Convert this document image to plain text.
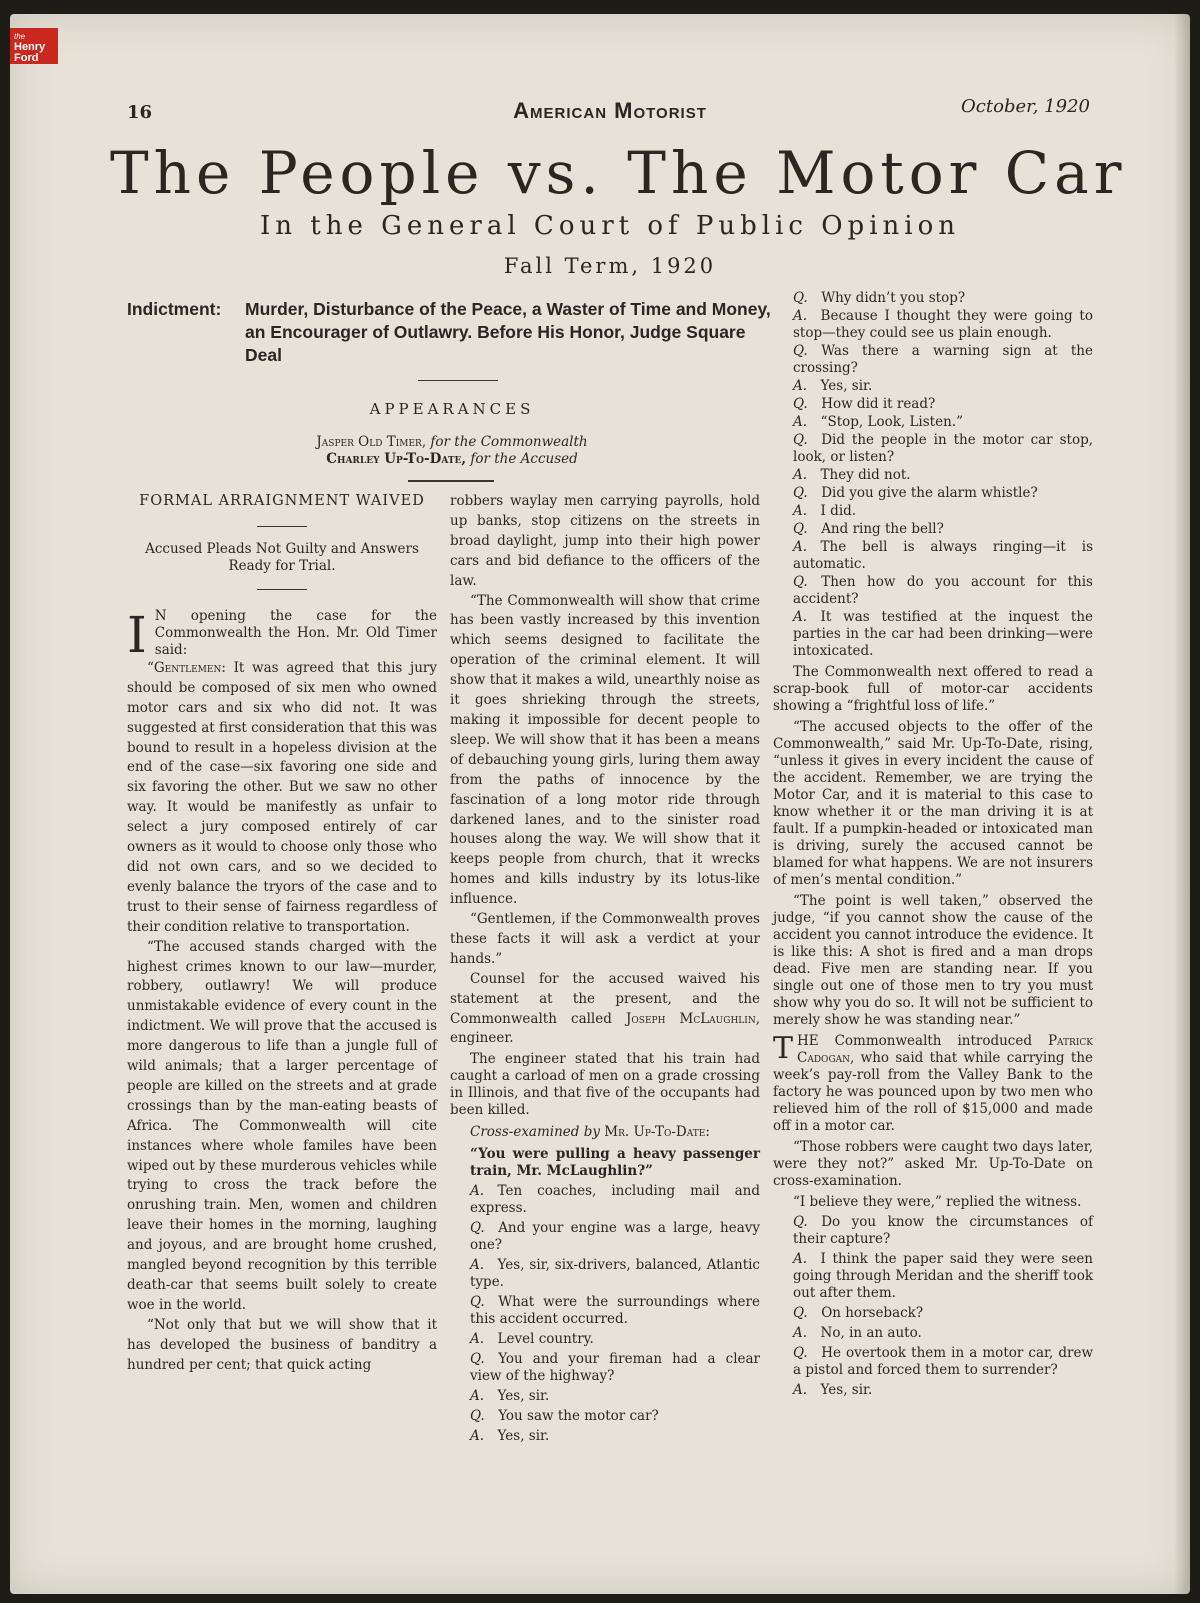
the
Henry
Ford
16	American Motorist	October, 1920
The People vs. The Motor Car
In the General Court of Public Opinion
Fall Term, 1920
Indictment: Murder, Disturbance of the Peace, a Waster of Time and Money, an Encourager of Outlawry. Before His Honor, Judge Square Deal
APPEARANCES
Jasper Old Timer, for the Commonwealth
Charley Up-To-Date, for the Accused

FORMAL ARRAIGNMENT WAIVED

Accused Pleads Not Guilty and Answers Ready for Trial.

I N opening the case for the Commonwealth the Hon. Mr. Old Timer said:

“Gentlemen: It was agreed that this jury should be composed of six men who owned motor cars and six who did not. It was suggested at first consideration that this was bound to result in a hopeless division at the end of the case—six favoring one side and six favoring the other. But we saw no other way. It would be manifestly as unfair to select a jury composed entirely of car owners as it would to choose only those who did not own cars, and so we decided to evenly balance the tryors of the case and to trust to their sense of fairness regardless of their condition relative to transportation.

“The accused stands charged with the highest crimes known to our law—murder, robbery, outlawry! We will produce unmistakable evidence of every count in the indictment. We will prove that the accused is more dangerous to life than a jungle full of wild animals; that a larger percentage of people are killed on the streets and at grade crossings than by the man-eating beasts of Africa. The Commonwealth will cite instances where whole familes have been wiped out by these murderous vehicles while trying to cross the track before the onrushing train. Men, women and children leave their homes in the morning, laughing and joyous, and are brought home crushed, mangled beyond recognition by this terrible death-car that seems built solely to create woe in the world.

“Not only that but we will show that it has developed the business of banditry a hundred per cent; that quick acting

robbers waylay men carrying payrolls, hold up banks, stop citizens on the streets in broad daylight, jump into their high power cars and bid defiance to the officers of the law.

“The Commonwealth will show that crime has been vastly increased by this invention which seems designed to facilitate the operation of the criminal element. It will show that it makes a wild, unearthly noise as it goes shrieking through the streets, making it impossible for decent people to sleep. We will show that it has been a means of debauching young girls, luring them away from the paths of innocence by the fascination of a long motor ride through darkened lanes, and to the sinister road houses along the way. We will show that it keeps people from church, that it wrecks homes and kills industry by its lotus-like influence.

“Gentlemen, if the Commonwealth proves these facts it will ask a verdict at your hands.”

Counsel for the accused waived his statement at the present, and the Commonwealth called Joseph McLaughlin, engineer.

The engineer stated that his train had caught a carload of men on a grade crossing in Illinois, and that five of the occupants had been killed.

Cross-examined by Mr. Up-To-Date:

“You were pulling a heavy passenger train, Mr. McLaughlin?”

A.  Ten coaches, including mail and express.

Q.  And your engine was a large, heavy one?

A.  Yes, sir, six-drivers, balanced, Atlantic type.

Q.  What were the surroundings where this accident occurred.

A.  Level country.

Q.  You and your fireman had a clear view of the highway?

A.  Yes, sir.

Q.  You saw the motor car?

A.  Yes, sir.

Q.  Why didn’t you stop?

A.  Because I thought they were going to stop—they could see us plain enough.

Q.  Was there a warning sign at the crossing?

A.  Yes, sir.

Q.  How did it read?

A.  “Stop, Look, Listen.”

Q.  Did the people in the motor car stop, look, or listen?

A.  They did not.

Q.  Did you give the alarm whistle?

A.  I did.

Q.  And ring the bell?

A.  The bell is always ringing—it is automatic.

Q.  Then how do you account for this accident?

A.  It was testified at the inquest the parties in the car had been drinking—were intoxicated.

The Commonwealth next offered to read a scrap-book full of motor-car accidents showing a “frightful loss of life.”

“The accused objects to the offer of the Commonwealth,” said Mr. Up-To-Date, rising, “unless it gives in every incident the cause of the accident. Remember, we are trying the Motor Car, and it is material to this case to know whether it or the man driving it is at fault. If a pumpkin-headed or intoxicated man is driving, surely the accused cannot be blamed for what happens. We are not insurers of men’s mental condition.”

“The point is well taken,” observed the judge, “if you cannot show the cause of the accident you cannot introduce the evidence. It is like this: A shot is fired and a man drops dead. Five men are standing near. If you single out one of those men to try you must show why you do so. It will not be sufficient to merely show he was standing near.”

THE Commonwealth introduced Patrick Cadogan, who said that while carrying the week’s pay-roll from the Valley Bank to the factory he was pounced upon by two men who relieved him of the roll of $15,000 and made off in a motor car.

“Those robbers were caught two days later, were they not?” asked Mr. Up-To-Date on cross-examination.

“I believe they were,” replied the witness.

Q.  Do you know the circumstances of their capture?

A.  I think the paper said they were seen going through Meridan and the sheriff took out after them.

Q.  On horseback?

A.  No, in an auto.

Q.  He overtook them in a motor car, drew a pistol and forced them to surrender?

A.  Yes, sir.
